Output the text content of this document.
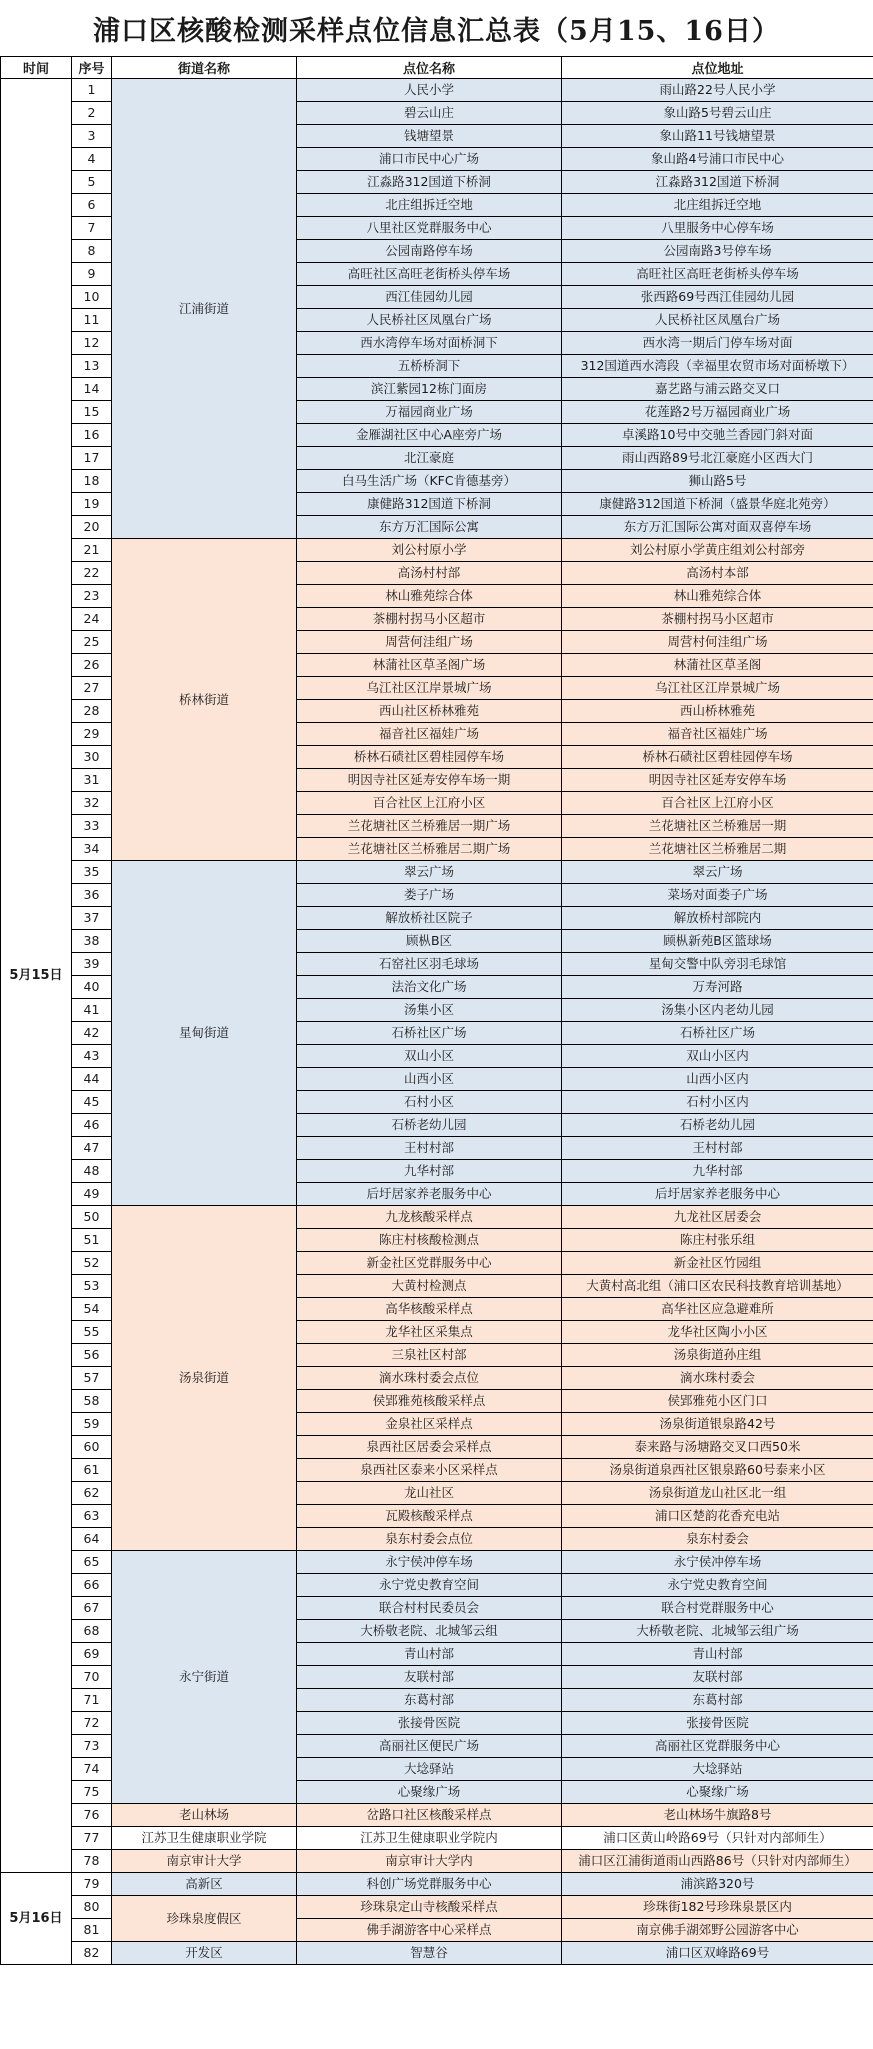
浦口区核酸检测采样点位信息汇总表（5月15、16日）
时间	序号	街道名称	点位名称	点位地址
5月15日	1	江浦街道	人民小学	雨山路22号人民小学
	2		碧云山庄	象山路5号碧云山庄
	3		钱塘望景	象山路11号钱塘望景
	4		浦口市民中心广场	象山路4号浦口市民中心
	5		江淼路312国道下桥洞	江淼路312国道下桥洞
	6		北庄组拆迁空地	北庄组拆迁空地
	7		八里社区党群服务中心	八里服务中心停车场
	8		公园南路停车场	公园南路3号停车场
	9		高旺社区高旺老街桥头停车场	高旺社区高旺老街桥头停车场
	10		西江佳园幼儿园	张西路69号西江佳园幼儿园
	11		人民桥社区凤凰台广场	人民桥社区凤凰台广场
	12		西水湾停车场对面桥洞下	西水湾一期后门停车场对面
	13		五桥桥洞下	312国道西水湾段（幸福里农贸市场对面桥墩下）
	14		滨江紫园12栋门面房	嘉艺路与浦云路交叉口
	15		万福园商业广场	花莲路2号万福园商业广场
	16		金雁湖社区中心A座旁广场	卓溪路10号中交驰兰香园门斜对面
	17		北江豪庭	雨山西路89号北江豪庭小区西大门
	18		白马生活广场（KFC肯德基旁）	狮山路5号
	19		康健路312国道下桥洞	康健路312国道下桥洞（盛景华庭北苑旁）
	20		东方万汇国际公寓	东方万汇国际公寓对面双喜停车场
	21	桥林街道	刘公村原小学	刘公村原小学黄庄组刘公村部旁
	22		高汤村村部	高汤村本部
	23		林山雅苑综合体	林山雅苑综合体
	24		茶棚村拐马小区超市	茶棚村拐马小区超市
	25		周营何洼组广场	周营村何洼组广场
	26		林蒲社区草圣阁广场	林蒲社区草圣阁
	27		乌江社区江岸景城广场	乌江社区江岸景城广场
	28		西山社区桥林雅苑	西山桥林雅苑
	29		福音社区福娃广场	福音社区福娃广场
	30		桥林石碛社区碧桂园停车场	桥林石碛社区碧桂园停车场
	31		明因寺社区延寿安停车场一期	明因寺社区延寿安停车场
	32		百合社区上江府小区	百合社区上江府小区
	33		兰花塘社区兰桥雅居一期广场	兰花塘社区兰桥雅居一期
	34		兰花塘社区兰桥雅居二期广场	兰花塘社区兰桥雅居二期
	35	星甸街道	翠云广场	翠云广场
	36		娄子广场	菜场对面娄子广场
	37		解放桥社区院子	解放桥村部院内
	38		顾枞B区	顾枞新苑B区篮球场
	39		石窑社区羽毛球场	星甸交警中队旁羽毛球馆
	40		法治文化广场	万寿河路
	41		汤集小区	汤集小区内老幼儿园
	42		石桥社区广场	石桥社区广场
	43		双山小区	双山小区内
	44		山西小区	山西小区内
	45		石村小区	石村小区内
	46		石桥老幼儿园	石桥老幼儿园
	47		王村村部	王村村部
	48		九华村部	九华村部
	49		后圩居家养老服务中心	后圩居家养老服务中心
	50	汤泉街道	九龙核酸采样点	九龙社区居委会
	51		陈庄村核酸检测点	陈庄村张乐组
	52		新金社区党群服务中心	新金社区竹园组
	53		大黄村检测点	大黄村高北组（浦口区农民科技教育培训基地）
	54		高华核酸采样点	高华社区应急避难所
	55		龙华社区采集点	龙华社区陶小小区
	56		三泉社区村部	汤泉街道孙庄组
	57		滴水珠村委会点位	滴水珠村委会
	58		侯郢雅苑核酸采样点	侯郢雅苑小区门口
	59		金泉社区采样点	汤泉街道银泉路42号
	60		泉西社区居委会采样点	泰来路与汤塘路交叉口西50米
	61		泉西社区泰来小区采样点	汤泉街道泉西社区银泉路60号泰来小区
	62		龙山社区	汤泉街道龙山社区北一组
	63		瓦殿核酸采样点	浦口区楚韵花香充电站
	64		泉东村委会点位	泉东村委会
	65	永宁街道	永宁侯冲停车场	永宁侯冲停车场
	66		永宁党史教育空间	永宁党史教育空间
	67		联合村村民委员会	联合村党群服务中心
	68		大桥敬老院、北城邹云组	大桥敬老院、北城邹云组广场
	69		青山村部	青山村部
	70		友联村部	友联村部
	71		东葛村部	东葛村部
	72		张接骨医院	张接骨医院
	73		高丽社区便民广场	高丽社区党群服务中心
	74		大埝驿站	大埝驿站
	75		心聚缘广场	心聚缘广场
	76	老山林场	岔路口社区核酸采样点	老山林场牛旗路8号
	77	江苏卫生健康职业学院	江苏卫生健康职业学院内	浦口区黄山岭路69号（只针对内部师生）
	78	南京审计大学	南京审计大学内	浦口区江浦街道雨山西路86号（只针对内部师生）
5月16日	79	高新区	科创广场党群服务中心	浦滨路320号
	80	珍珠泉度假区	珍珠泉定山寺核酸采样点	珍珠街182号珍珠泉景区内
	81		佛手湖游客中心采样点	南京佛手湖郊野公园游客中心
	82	开发区	智慧谷	浦口区双峰路69号
